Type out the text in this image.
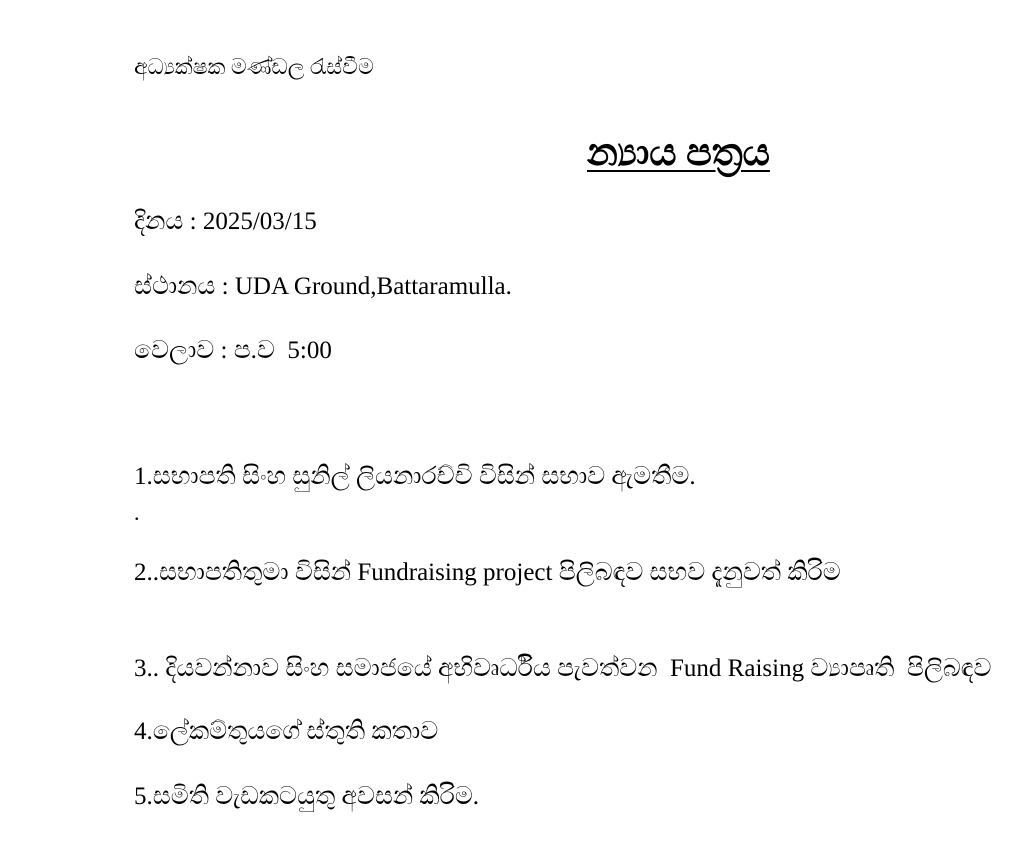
අධ්‍යක්ෂක මණ්ඩල රැස්වීම
න්‍යාය පත්‍රය
දිනය : 2025/03/15
ස්ථානය : UDA Ground,Battaramulla.
වෙලාව : ප.ව  5:00
1.සභාපති සිංහ සුනිල් ලියනාරච්චි විසින් සභාව ඇමතීම.
.
2..සභාපතිතුමා විසින් Fundraising project පිලිබඳව සභව දැනුවත් කිරිම
3.. දියවන්නාව සිංහ සමාජයේ අභිවෘර්ධිය පැවත්වන  Fund Raising ව්‍යාපෘති  පිලිබඳව
4.ලේකම්තුයගේ ස්තුති කතාව
5.සමිති වැඩකටයුතු අවසන් කිරිම.
